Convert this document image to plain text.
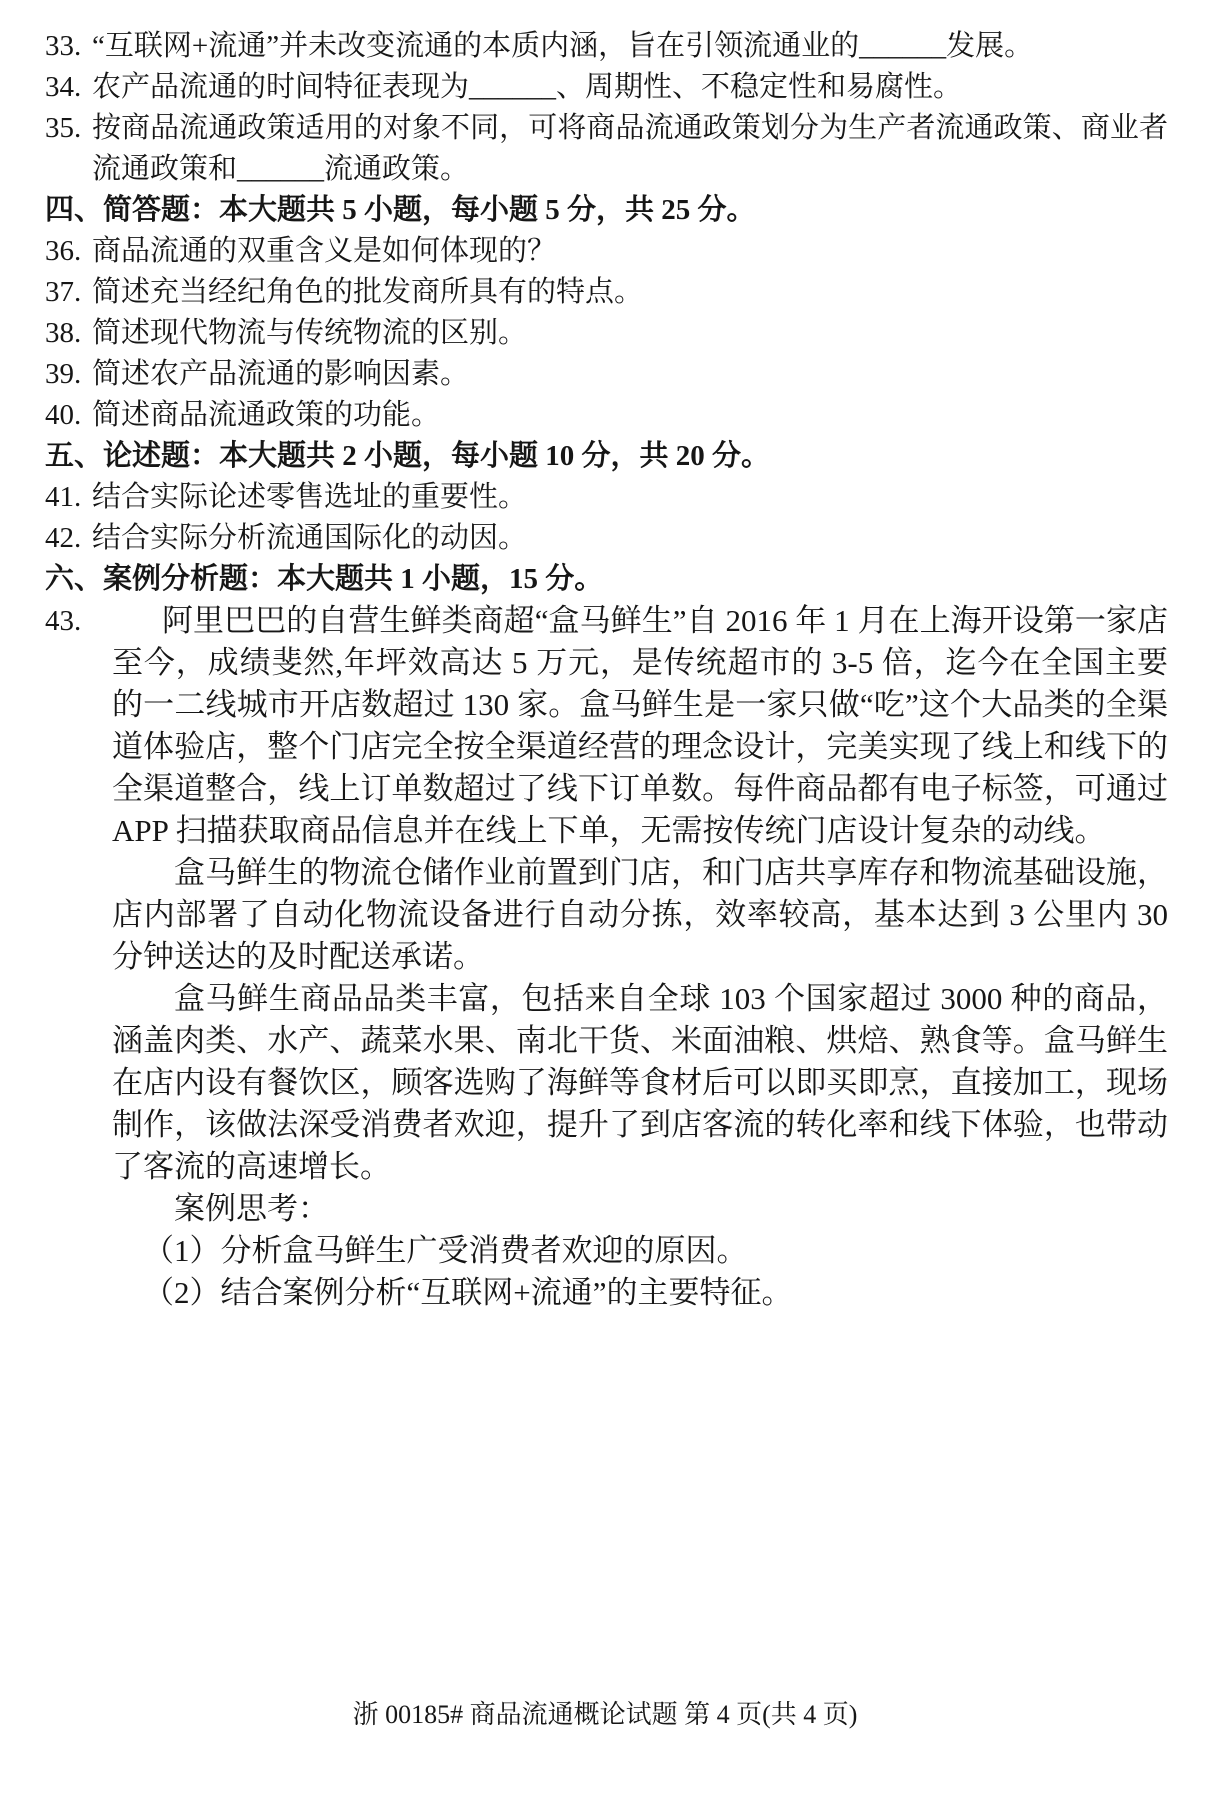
33. “互联网+流通”并未改变流通的本质内涵，旨在引领流通业的______发展。
34. 农产品流通的时间特征表现为______、周期性、不稳定性和易腐性。
35. 按商品流通政策适用的对象不同，可将商品流通政策划分为生产者流通政策、商业者流通政策和______流通政策。
四、简答题：本大题共 5 小题，每小题 5 分，共 25 分。
36. 商品流通的双重含义是如何体现的？
37. 简述充当经纪角色的批发商所具有的特点。
38. 简述现代物流与传统物流的区别。
39. 简述农产品流通的影响因素。
40. 简述商品流通政策的功能。
五、论述题：本大题共 2 小题，每小题 10 分，共 20 分。
41. 结合实际论述零售选址的重要性。
42. 结合实际分析流通国际化的动因。
六、案例分析题：本大题共 1 小题，15 分。
43.	阿里巴巴的自营生鲜类商超“盒马鲜生”自 2016 年 1 月在上海开设第一家店至今，成绩斐然,年坪效高达 5 万元，是传统超市的 3-5 倍，迄今在全国主要的一二线城市开店数超过 130 家。盒马鲜生是一家只做“吃”这个大品类的全渠道体验店，整个门店完全按全渠道经营的理念设计，完美实现了线上和线下的全渠道整合，线上订单数超过了线下订单数。每件商品都有电子标签，可通过 APP 扫描获取商品信息并在线上下单，无需按传统门店设计复杂的动线。

盒马鲜生的物流仓储作业前置到门店，和门店共享库存和物流基础设施，店内部署了自动化物流设备进行自动分拣，效率较高，基本达到 3 公里内 30 分钟送达的及时配送承诺。

盒马鲜生商品品类丰富，包括来自全球 103 个国家超过 3000 种的商品，涵盖肉类、水产、蔬菜水果、南北干货、米面油粮、烘焙、熟食等。盒马鲜生在店内设有餐饮区，顾客选购了海鲜等食材后可以即买即烹，直接加工，现场制作，该做法深受消费者欢迎，提升了到店客流的转化率和线下体验，也带动了客流的高速增长。

案例思考：

（1）分析盒马鲜生广受消费者欢迎的原因。

（2）结合案例分析“互联网+流通”的主要特征。

浙 00185# 商品流通概论试题 第 4 页(共 4 页)
